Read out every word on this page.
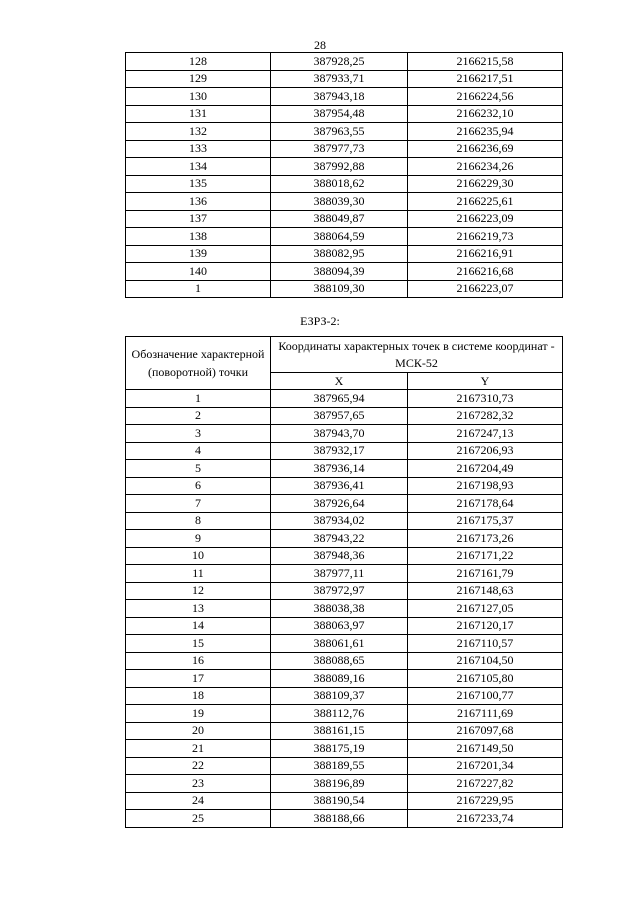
28
128	387928,25	2166215,58
129	387933,71	2166217,51
130	387943,18	2166224,56
131	387954,48	2166232,10
132	387963,55	2166235,94
133	387977,73	2166236,69
134	387992,88	2166234,26
135	388018,62	2166229,30
136	388039,30	2166225,61
137	388049,87	2166223,09
138	388064,59	2166219,73
139	388082,95	2166216,91
140	388094,39	2166216,68
1	388109,30	2166223,07
ЕЗРЗ-2:
Обозначение характерной (поворотной) точки	Координаты характерных точек в системе координат - МСК-52	
	X	Y
1	387965,94	2167310,73
2	387957,65	2167282,32
3	387943,70	2167247,13
4	387932,17	2167206,93
5	387936,14	2167204,49
6	387936,41	2167198,93
7	387926,64	2167178,64
8	387934,02	2167175,37
9	387943,22	2167173,26
10	387948,36	2167171,22
11	387977,11	2167161,79
12	387972,97	2167148,63
13	388038,38	2167127,05
14	388063,97	2167120,17
15	388061,61	2167110,57
16	388088,65	2167104,50
17	388089,16	2167105,80
18	388109,37	2167100,77
19	388112,76	2167111,69
20	388161,15	2167097,68
21	388175,19	2167149,50
22	388189,55	2167201,34
23	388196,89	2167227,82
24	388190,54	2167229,95
25	388188,66	2167233,74
